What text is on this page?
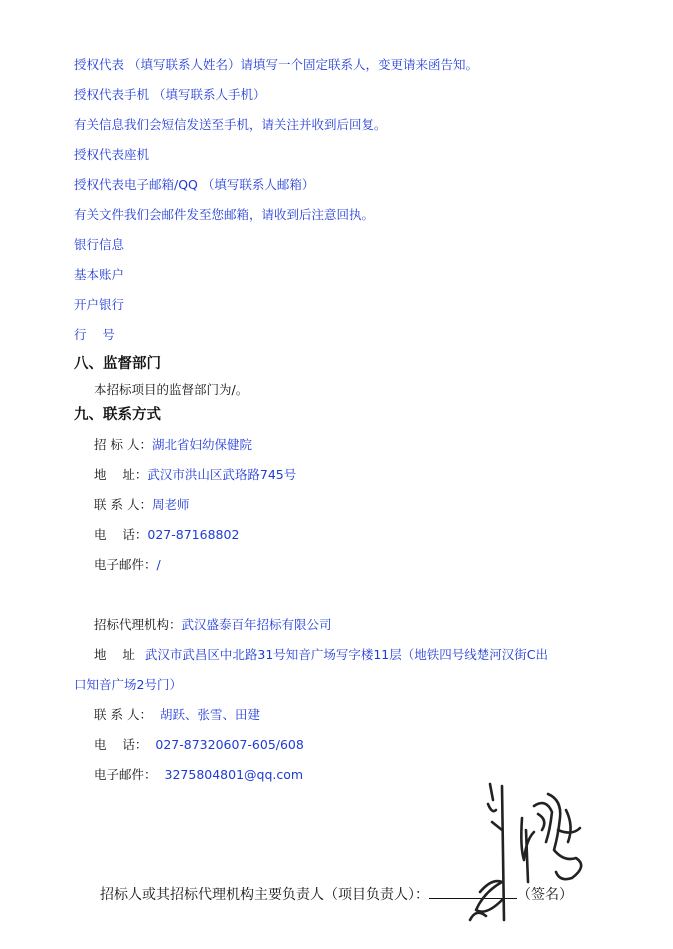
授权代表 （填写联系人姓名）请填写一个固定联系人，变更请来函告知。
授权代表手机 （填写联系人手机）
有关信息我们会短信发送至手机，请关注并收到后回复。
授权代表座机
授权代表电子邮箱/QQ （填写联系人邮箱）
有关文件我们会邮件发至您邮箱，请收到后注意回执。
银行信息
基本账户
开户银行
行    号
八、监督部门
本招标项目的监督部门为/。
九、联系方式
招 标 人：湖北省妇幼保健院
地    址：武汉市洪山区武珞路745号
联 系 人：周老师
电    话：027-87168802
电子邮件：/
招标代理机构：武汉盛泰百年招标有限公司
地    址 武汉市武昌区中北路31号知音广场写字楼11层（地铁四号线楚河汉街C出
口知音广场2号门）
联 系 人： 胡跃、张雪、田建
电    话： 027-87320607-605/608
电子邮件： 3275804801@qq.com
招标人或其招标代理机构主要负责人（项目负责人）：	（签名）
